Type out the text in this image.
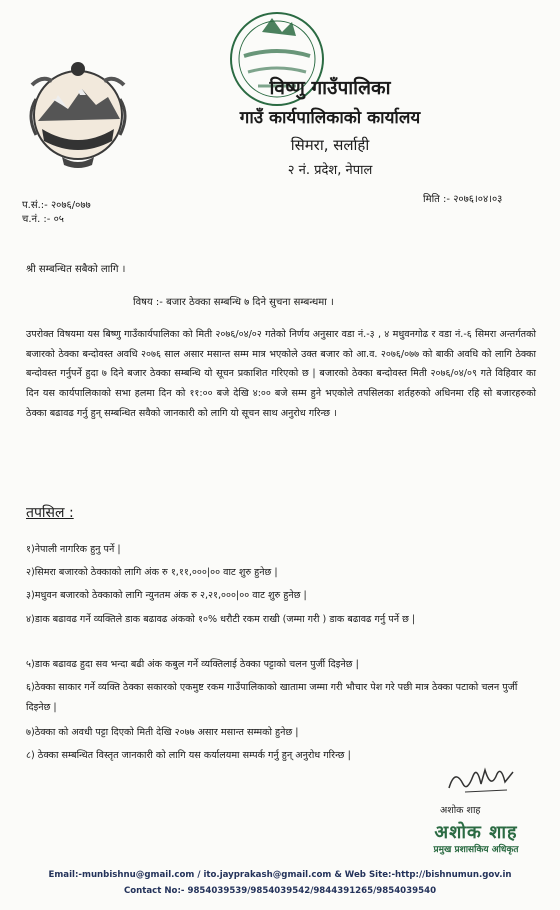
विष्णु गाउँपालिका
गाउँ कार्यपालिकाको कार्यालय
सिमरा, सर्लाही
२ नं. प्रदेश, नेपाल
प.सं.:- २०७६/०७७
च.नं. :- ०५
मिति :- २०७६।०४।०३
श्री सम्बन्धित सबैको लागि ।
विषय :- बजार ठेक्का सम्बन्धि ७ दिने सुचना सम्बन्धमा ।
उपरोक्त विषयमा यस बिष्णु गाउँकार्यपालिका को मिती २०७६/०४/०२ गतेको निर्णय अनुसार वडा नं.-३ , ४ मधुवनगोढ र वडा नं.-६ सिमरा अन्तर्गतको बजारको ठेक्का बन्दोवस्त अवधि २०७६ साल असार मसान्त सम्म मात्र भएकोले उक्त बजार को आ.व. २०७६/०७७ को बाकी अवधि को लागि ठेक्का बन्दोवस्त गर्नुपर्ने हुदा ७ दिने बजार ठेक्का सम्बन्धि यो सूचन प्रकाशित गरिएको छ | बजारको ठेक्का बन्दोवस्त मिती २०७६/०४/०९ गते विहिवार का दिन यस कार्यपालिकाको सभा हलमा दिन को ११:०० बजे देखि ४:०० बजे सम्म हुने भएकोले तपसिलका शर्तहरुको अधिनमा रहि सो बजारहरुको ठेक्का बढावढ गर्नु हुन् सम्बन्धित सवैको जानकारी को लागि यो सूचन साथ अनुरोध गरिन्छ ।
तपसिल :
१)नेपाली नागरिक हुनु पर्ने |
२)सिमरा बजारको ठेक्काको लागि अंक रु १,११,०००|०० वाट शुरु हुनेछ |
३)मधुवन बजारको ठेक्काको लागि न्युनतम अंक रु २,२१,०००|०० वाट शुरु हुनेछ |
४)डाक बढावढ गर्ने व्यक्तिले डाक बढावढ अंकको १०% धरौटी रकम राखी (जम्मा गरी ) डाक बढावढ गर्नु पर्ने छ |
५)डाक बढावढ हुदा सव भन्दा बढी अंक कबुल गर्ने व्यक्तिलाई ठेक्का पट्टाको चलन पुर्जी दिइनेछ |
६)ठेक्का साकार गर्ने व्यक्ति ठेक्का सकारको एकमुष्ट रकम गाउँपालिकाको खातामा जम्मा गरी भौचार पेश गरे पछी मात्र ठेक्का पटाको चलन पुर्जी दिइनेछ |
७)ठेक्का को अवधी पट्टा दिएको मिती देखि २०७७ असार मसान्त सम्मको हुनेछ |
८) ठेक्का सम्बन्धित विस्तृत जानकारी को लागि यस कर्यालयमा सम्पर्क गर्नु हुन् अनुरोध गरिन्छ |
अशोक शाह
अशोक शाह
प्रमुख प्रशासकिय अधिकृत
Email:-munbishnu@gmail.com / ito.jayprakash@gmail.com & Web Site:-http://bishnumun.gov.in
Contact No:- 9854039539/9854039542/9844391265/9854039540
